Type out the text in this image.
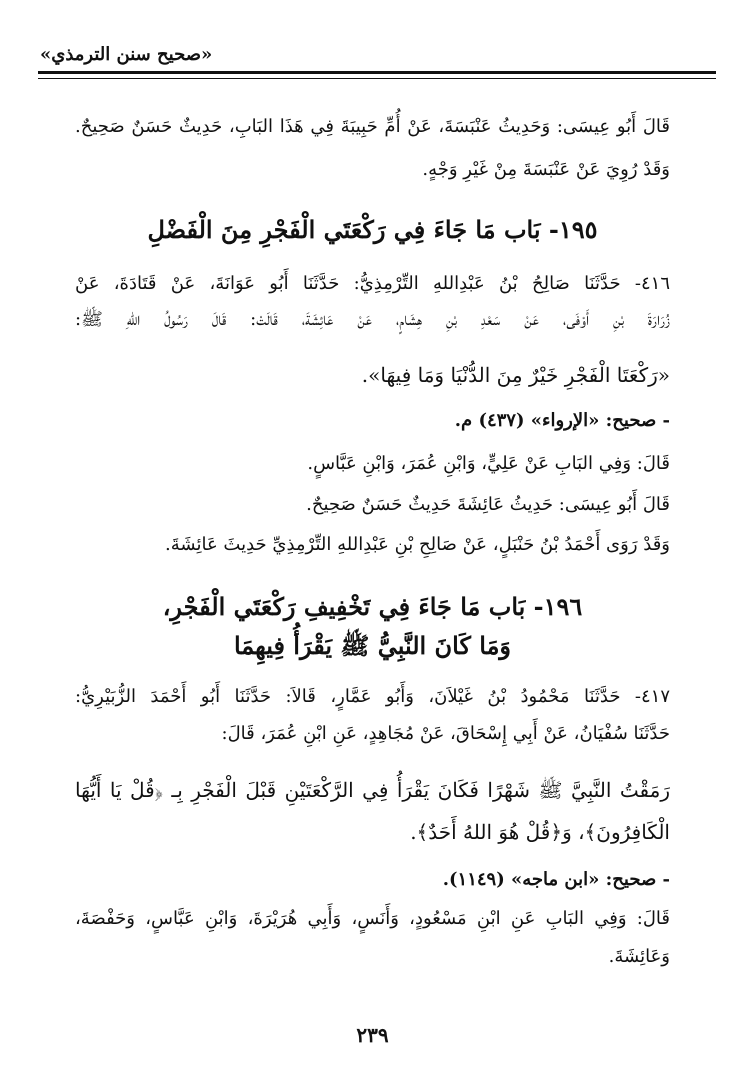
«صحيح سنن الترمذي»
قَالَ أَبُو عِيسَى: وَحَدِيثُ عَنْبَسَةَ، عَنْ أُمِّ حَبِيبَةَ فِي هَذَا البَابِ، حَدِيثٌ حَسَنٌ صَحِيحٌ.
وَقَدْ رُوِيَ عَنْ عَنْبَسَةَ مِنْ غَيْرِ وَجْهٍ.
١٩٥- بَاب مَا جَاءَ فِي رَكْعَتَي الْفَجْرِ مِنَ الْفَضْلِ
٤١٦- حَدَّثَنَا صَالِحُ بْنُ عَبْدِاللهِ التِّرْمِذِيُّ: حَدَّثَنَا أَبُو عَوَانَةَ، عَنْ قَتَادَةَ، عَنْ
زُرَارَةَ بْنِ أَوْفَى، عَنْ سَعْدِ بْنِ هِشَامٍ، عَنْ عَائِشَةَ، قَالَتْ: قَالَ رَسُولُ اللهِ ﷺ:
«رَكْعَتَا الْفَجْرِ خَيْرٌ مِنَ الدُّنْيَا وَمَا فِيهَا».
- صحيح: «الإرواء» (٤٣٧) م.
قَالَ: وَفِي البَابِ عَنْ عَلِيٍّ، وَابْنِ عُمَرَ، وَابْنِ عَبَّاسٍ.
قَالَ أَبُو عِيسَى: حَدِيثُ عَائِشَةَ حَدِيثٌ حَسَنٌ صَحِيحٌ.
وَقَدْ رَوَى أَحْمَدُ بْنُ حَنْبَلٍ، عَنْ صَالِحِ بْنِ عَبْدِاللهِ التِّرْمِذِيِّ حَدِيثَ عَائِشَةَ.
١٩٦- بَاب مَا جَاءَ فِي تَخْفِيفِ رَكْعَتَي الْفَجْرِ،
وَمَا كَانَ النَّبِيُّ ﷺ يَقْرَأُ فِيهِمَا
٤١٧- حَدَّثَنَا مَحْمُودُ بْنُ غَيْلاَنَ، وَأَبُو عَمَّارٍ، قَالاَ: حَدَّثَنَا أَبُو أَحْمَدَ الزُّبَيْرِيُّ:
حَدَّثَنَا سُفْيَانُ، عَنْ أَبِي إِسْحَاقَ، عَنْ مُجَاهِدٍ، عَنِ ابْنِ عُمَرَ، قَالَ:
رَمَقْتُ النَّبِيَّ ﷺ شَهْرًا فَكَانَ يَقْرَأُ فِي الرَّكْعَتَيْنِ قَبْلَ الْفَجْرِ بِـ ﴿قُلْ يَا أَيُّهَا
الْكَافِرُونَ﴾، وَ﴿قُلْ هُوَ اللهُ أَحَدٌ﴾.
- صحيح: «ابن ماجه» (١١٤٩).
قَالَ: وَفِي البَابِ عَنِ ابْنِ مَسْعُودٍ، وَأَنَسٍ، وَأَبِي هُرَيْرَةَ، وَابْنِ عَبَّاسٍ، وَحَفْصَةَ،
وَعَائِشَةَ.
٢٣٩
